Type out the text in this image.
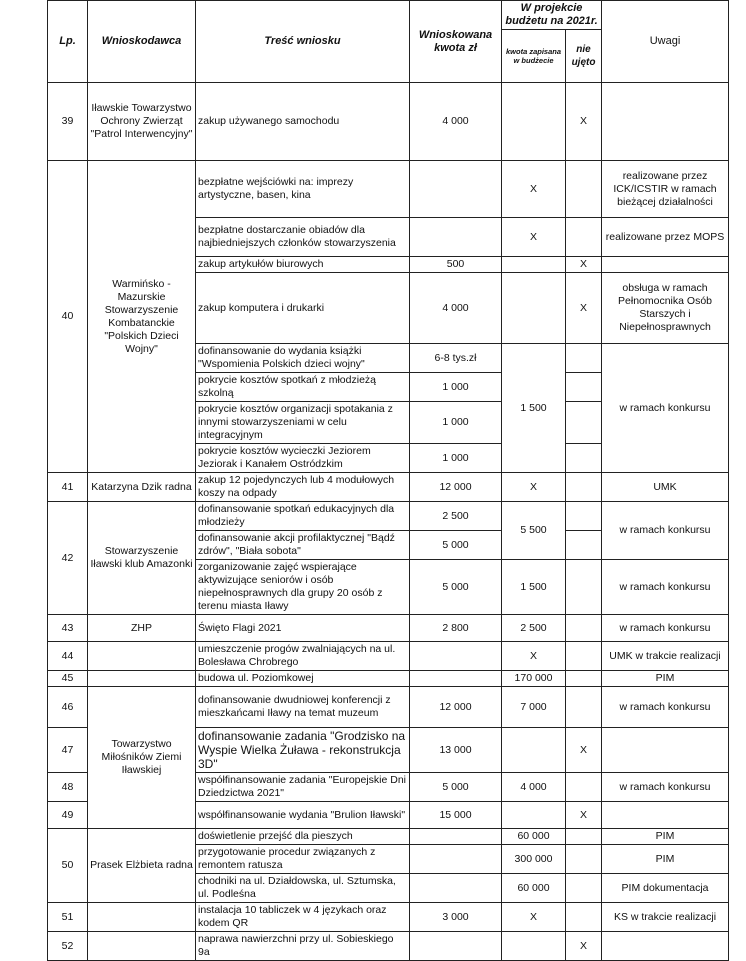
Lp.	Wnioskodawca	Treść wniosku	Wnioskowana kwota zł	W projekcie budżetu na 2021r.		Uwagi
				kwota zapisana w budżecie	nie ujęto	
39	Iławskie Towarzystwo Ochrony Zwierząt "Patrol Interwencyjny"	zakup używanego samochodu	4 000		X	
40	Warmińsko - Mazurskie Stowarzyszenie Kombatanckie "Polskich Dzieci Wojny"	bezpłatne wejściówki na: imprezy artystyczne, basen, kina		X		realizowane przez ICK/ICSTIR w ramach bieżącej działalności
		bezpłatne dostarczanie obiadów dla najbiedniejszych członków stowarzyszenia		X		realizowane przez MOPS
		zakup artykułów biurowych	500		X	
		zakup komputera i drukarki	4 000		X	obsługa w ramach Pełnomocnika Osób Starszych i Niepełnosprawnych
		dofinansowanie do wydania książki "Wspomienia Polskich dzieci wojny"	6-8 tys.zł	1 500		w ramach konkursu
		pokrycie kosztów spotkań z młodzieżą szkolną	1 000			
		pokrycie kosztów organizacji spotakania z innymi stowarzyszeniami w celu integracyjnym	1 000			
		pokrycie kosztów wycieczki Jeziorem Jeziorak i Kanałem Ostródzkim	1 000			
41	Katarzyna Dzik radna	zakup 12 pojedynczych lub 4 modułowych koszy na odpady	12 000	X		UMK
42	Stowarzyszenie Iławski klub Amazonki	dofinansowanie spotkań edukacyjnych dla młodzieży	2 500	5 500		w ramach konkursu
		dofinansowanie akcji profilaktycznej "Bądź zdrów", "Biała sobota"	5 000			
		zorganizowanie zajęć wspierające aktywizujące seniorów i osób niepełnosprawnych dla grupy 20 osób z terenu miasta Iławy	5 000	1 500		w ramach konkursu
43	ZHP	Święto Flagi 2021	2 800	2 500		w ramach konkursu
44		umieszczenie progów zwalniających na ul. Bolesława Chrobrego		X		UMK w trakcie realizacji
45		budowa ul. Poziomkowej		170 000		PIM
46	Towarzystwo Miłośników Ziemi Iławskiej	dofinansowanie dwudniowej konferencji z mieszkańcami Iławy na temat muzeum	12 000	7 000		w ramach konkursu
47		dofinansowanie zadania "Grodzisko na Wyspie Wielka Żuława - rekonstrukcja 3D"	13 000		X	
48		współfinansowanie zadania "Europejskie Dni Dziedzictwa 2021"	5 000	4 000		w ramach konkursu
49		współfinansowanie wydania "Brulion Iławski"	15 000		X	
50	Prasek Elżbieta radna	doświetlenie przejść dla pieszych		60 000		PIM
		przygotowanie procedur związanych z remontem ratusza		300 000		PIM
		chodniki na ul. Działdowska, ul. Sztumska, ul. Podleśna		60 000		PIM dokumentacja
51		instalacja 10 tabliczek w 4 językach oraz kodem QR	3 000	X		KS w trakcie realizacji
52		naprawa nawierzchni przy ul. Sobieskiego 9a			X	
